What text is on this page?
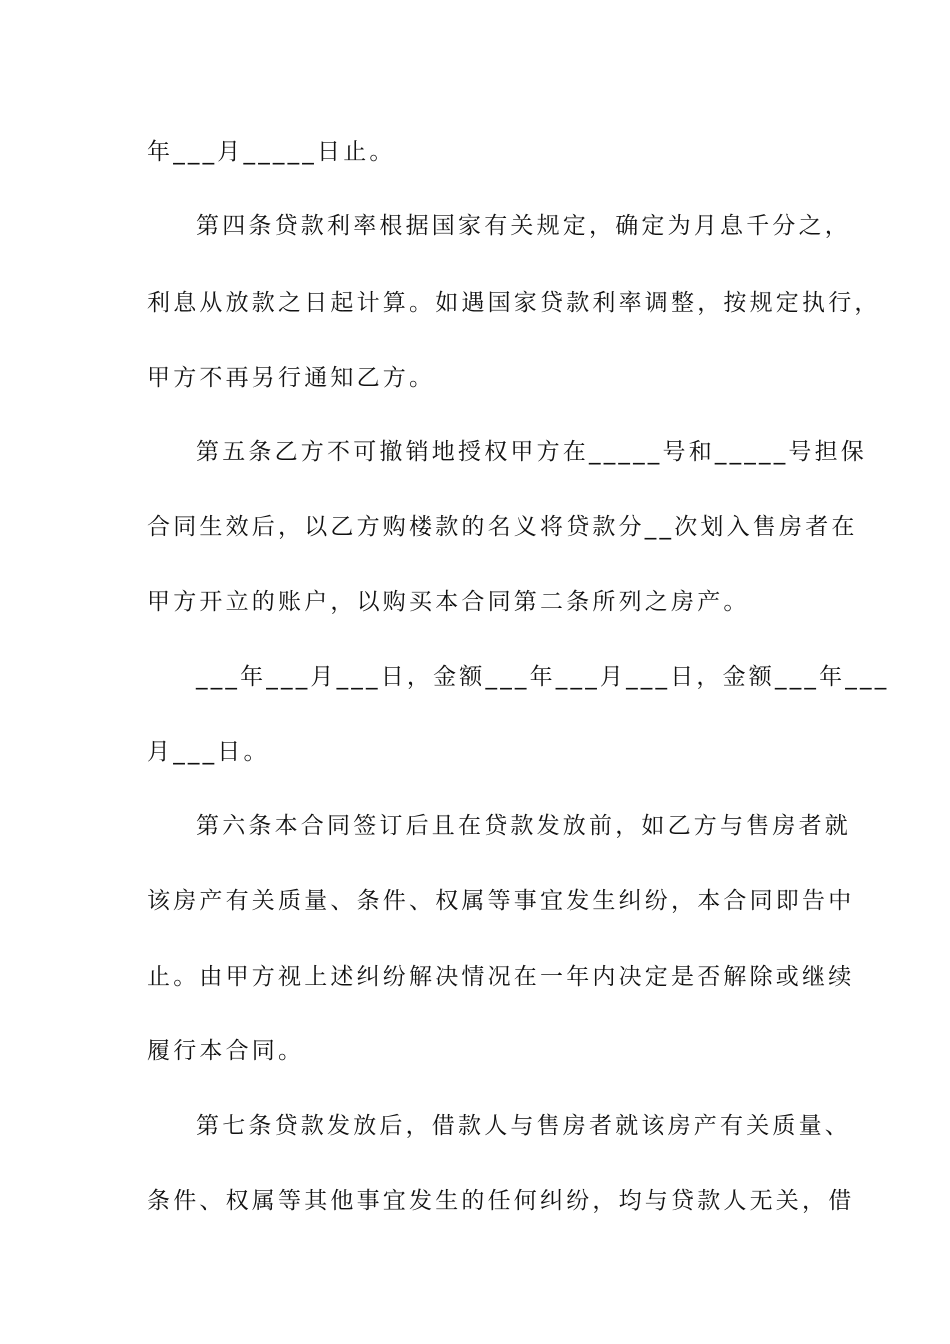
年___月_____日止。

第四条贷款利率根据国家有关规定，确定为月息千分之，

利息从放款之日起计算。如遇国家贷款利率调整，按规定执行，

甲方不再另行通知乙方。

第五条乙方不可撤销地授权甲方在_____号和_____号担保

合同生效后，以乙方购楼款的名义将贷款分__次划入售房者在

甲方开立的账户，以购买本合同第二条所列之房产。

___年___月___日，金额___年___月___日，金额___年___

月___日。

第六条本合同签订后且在贷款发放前，如乙方与售房者就

该房产有关质量、条件、权属等事宜发生纠纷，本合同即告中

止。由甲方视上述纠纷解决情况在一年内决定是否解除或继续

履行本合同。

第七条贷款发放后，借款人与售房者就该房产有关质量、

条件、权属等其他事宜发生的任何纠纷，均与贷款人无关，借
